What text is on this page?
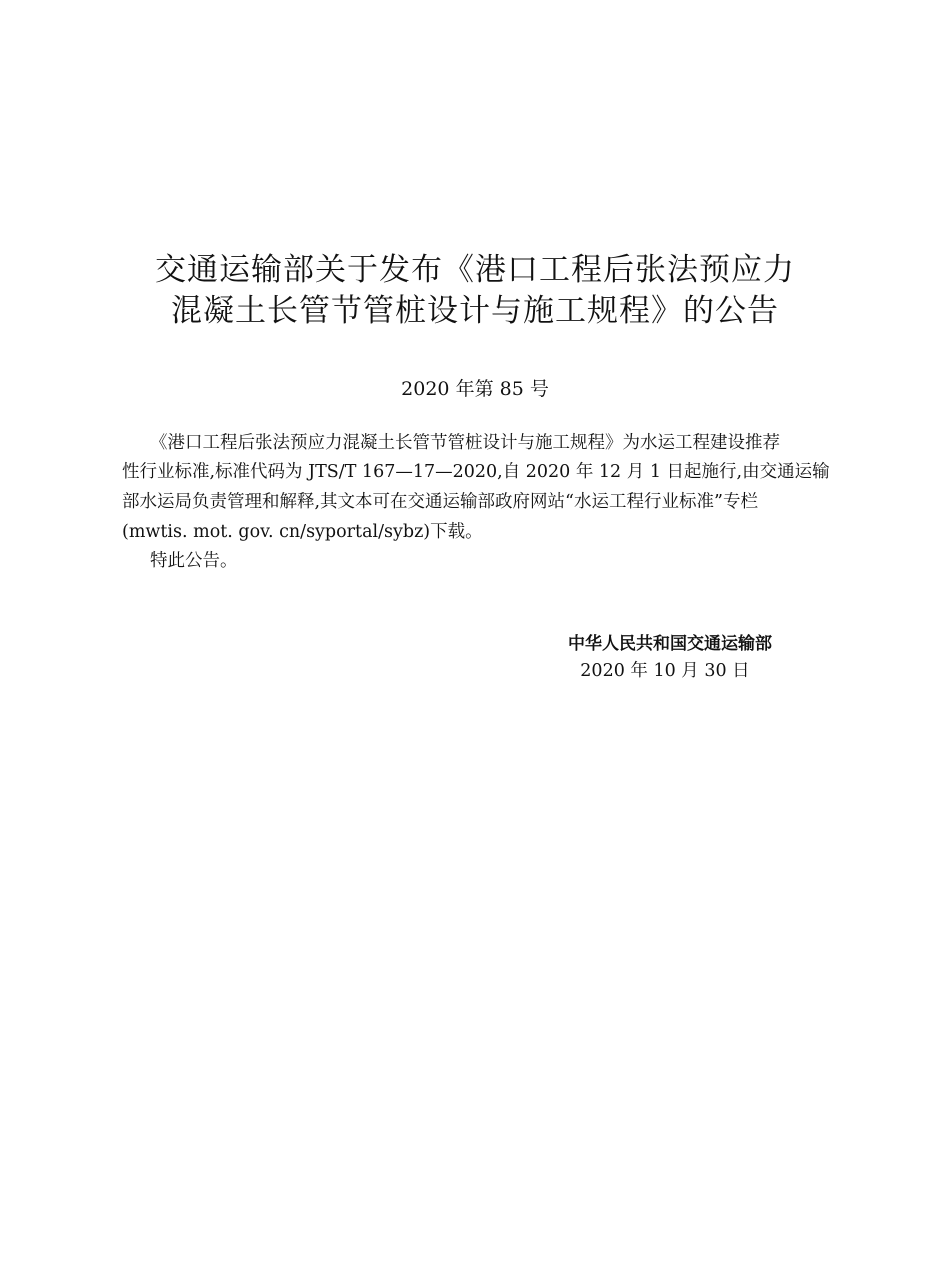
交通运输部关于发布《港口工程后张法预应力
混凝土长管节管桩设计与施工规程》的公告
2020 年第 85 号
《港口工程后张法预应力混凝土长管节管桩设计与施工规程》为水运工程建设推荐
性行业标准,标准代码为 JTS/T 167—17—2020,自 2020 年 12 月 1 日起施行,由交通运输
部水运局负责管理和解释,其文本可在交通运输部政府网站“水运工程行业标准”专栏
(mwtis. mot. gov. cn/syportal/sybz)下载。
特此公告。
中华人民共和国交通运输部
2020 年 10 月 30 日
